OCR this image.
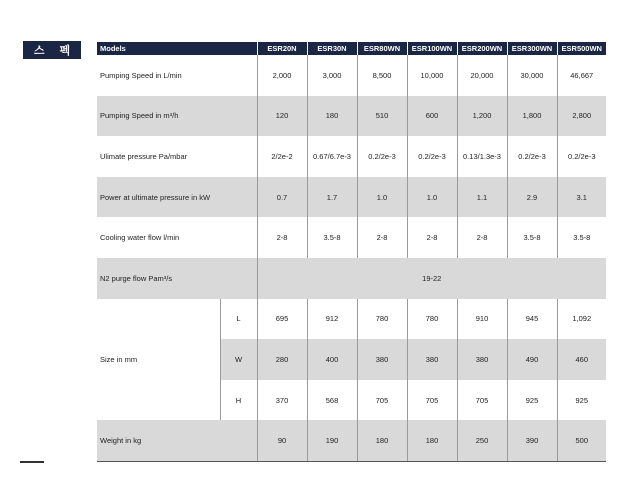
스 펙	Models		ESR20N	ESR30N	ESR80WN	ESR100WN	ESR200WN	ESR300WN	ESR500WN
Pumping Speed in L/min		2,000	3,000	8,500	10,000	20,000	30,000	46,667
Pumping Speed in m³/h		120	180	510	600	1,200	1,800	2,800
Ulimate pressure Pa/mbar		2/2e-2	0.67/6.7e-3	0.2/2e-3	0.2/2e-3	0.13/1.3e-3	0.2/2e-3	0.2/2e-3
Power at ultimate pressure in kW		0.7	1.7	1.0	1.0	1.1	2.9	3.1
Cooling water flow l/min		2-8	3.5-8	2-8	2-8	2-8	3.5-8	3.5-8
N2 purge flow Pam³/s		19-22						
Size in mm	L	695	912	780	780	910	945	1,092
	W	280	400	380	380	380	490	460
	H	370	568	705	705	705	925	925
Weight in kg		90	190	180	180	250	390	500
